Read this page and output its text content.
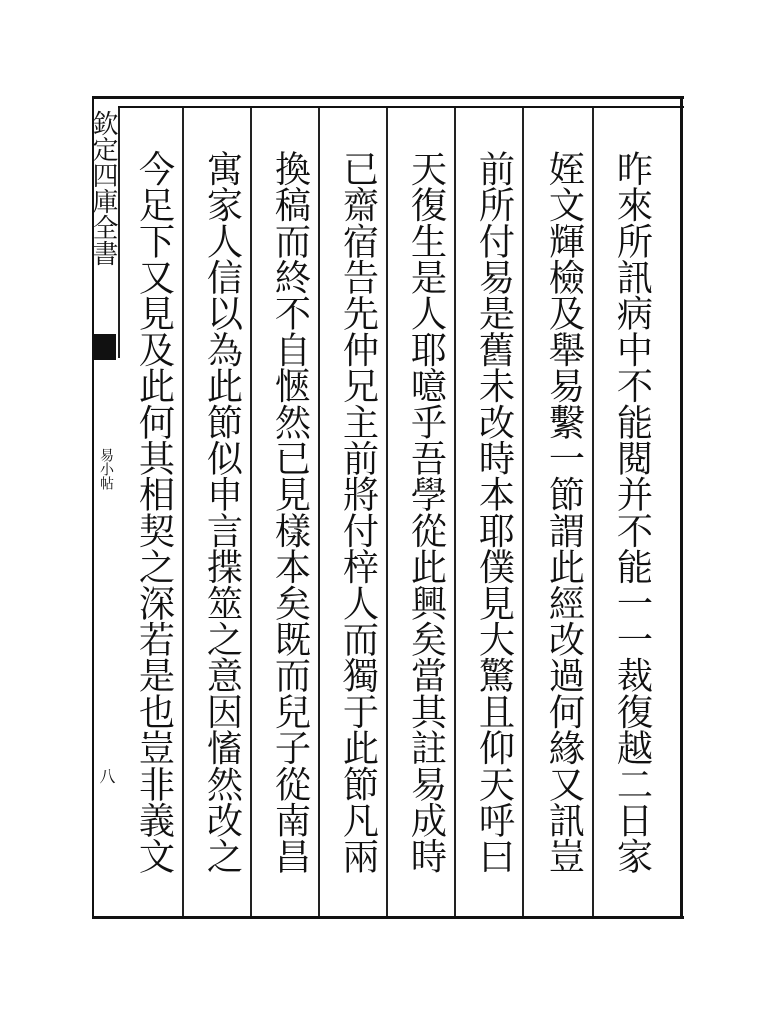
欽定四庫全書
易小帖
八	昨來所訊病中不能閱并不能一一裁復越二日家
姪文輝檢及舉易繫一節謂此經改過何緣又訊豈
前所付易是舊未改時本耶僕見大驚且仰天呼曰
天復生是人耶噫乎吾學從此興矣當其註易成時
已齋宿告先仲兄主前將付梓人而獨于此節凡兩
換稿而終不自愜然已見樣本矣既而兒子從南昌
寓家人信以為此節似申言揲筮之意因慉然改之
今足下又見及此何其相契之深若是也豈非義文
